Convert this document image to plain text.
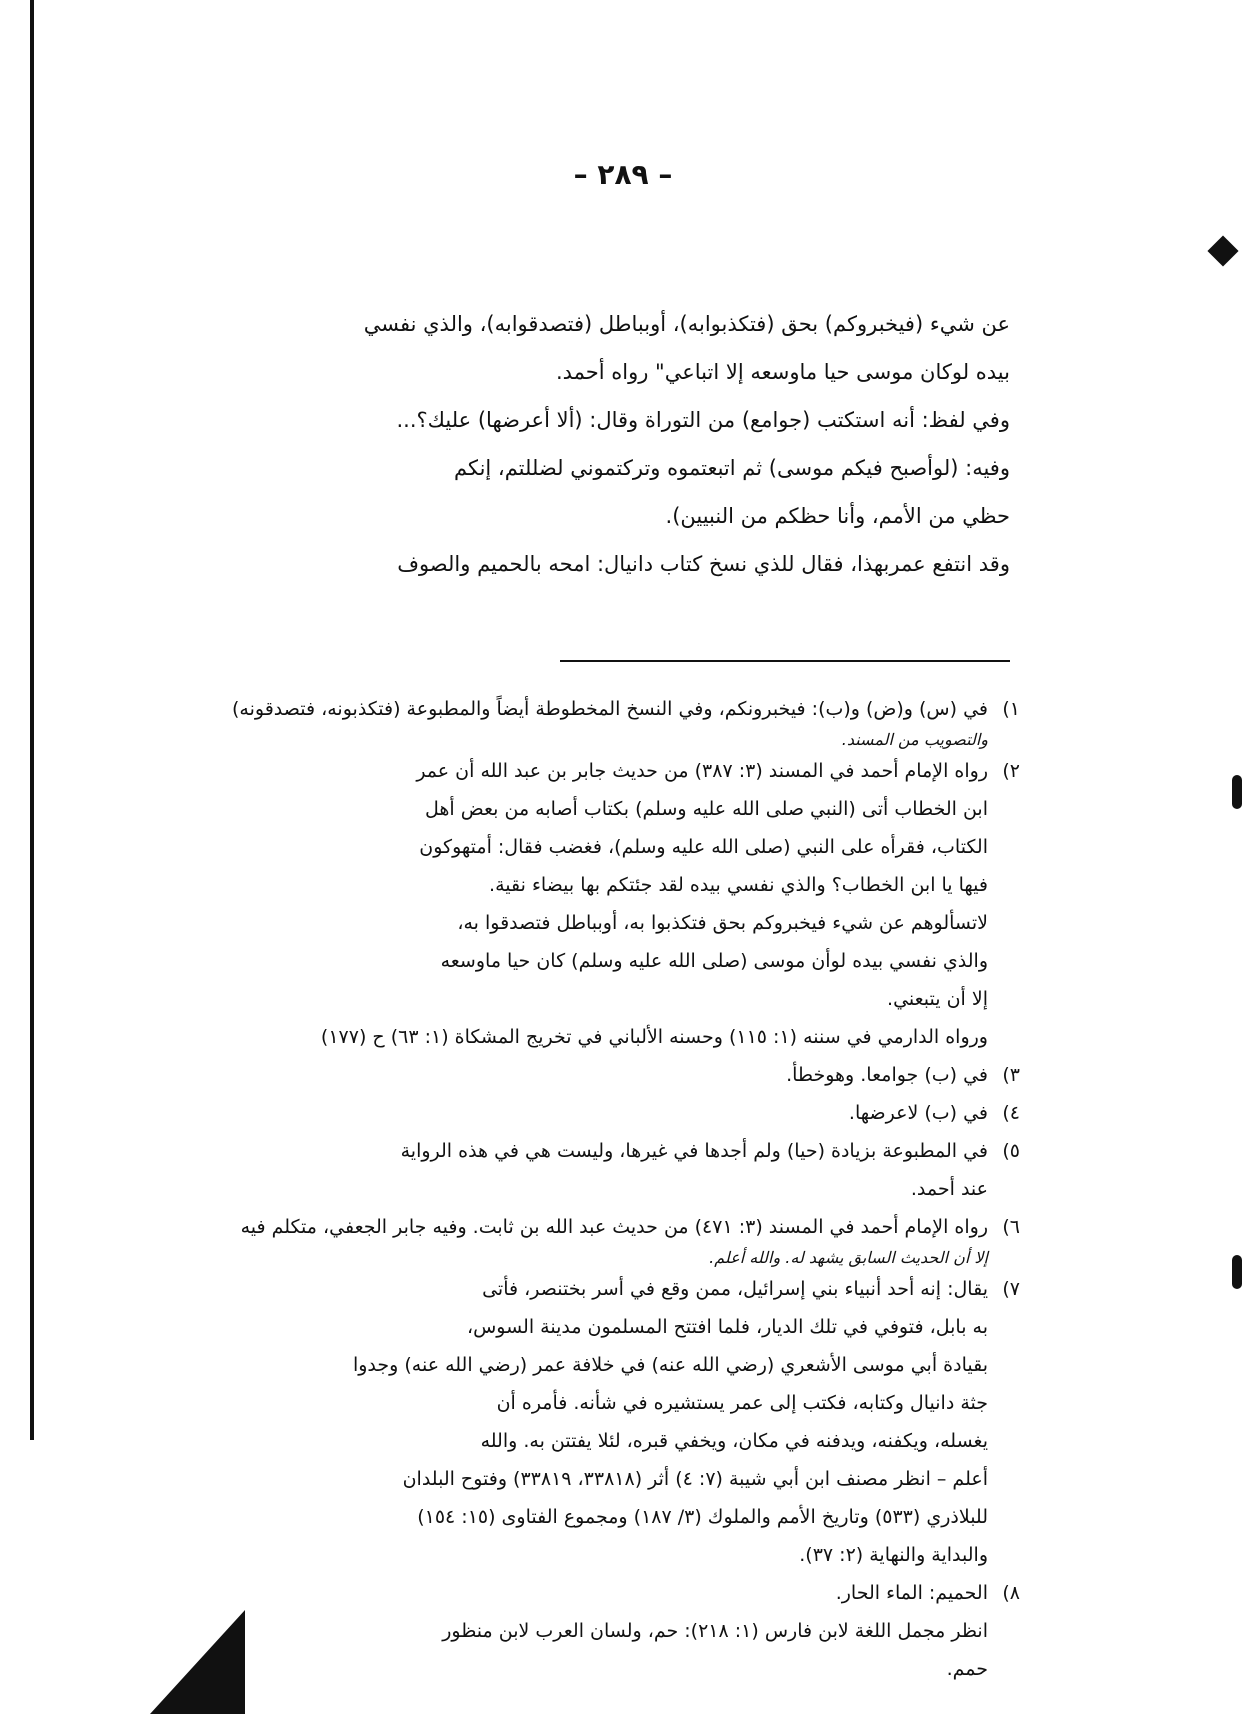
– ٢٨٩ –
عن شيء (فيخبروكم) بحق (فتكذبوابه)، أوبباطل (فتصدقوابه)، والذي نفسي
بيده لوكان موسى حيا ماوسعه إلا اتباعي" رواه أحمد.
وفي لفظ: أنه استكتب (جوامع) من التوراة وقال: (ألا أعرضها) عليك؟...
وفيه: (لوأصبح فيكم موسى) ثم اتبعتموه وتركتموني لضللتم، إنكم
حظي من الأمم، وأنا حظكم من النبيين).
وقد انتفع عمربهذا، فقال للذي نسخ كتاب دانيال: امحه بالحميم والصوف
١)
في (س) و(ض) و(ب): فيخبرونكم، وفي النسخ المخطوطة أيضاً والمطبوعة (فتكذبونه، فتصدقونه)
والتصويب من المسند.
٢)
رواه الإمام أحمد في المسند (٣: ٣٨٧) من حديث جابر بن عبد الله أن عمر
ابن الخطاب أتى (النبي صلى الله عليه وسلم) بكتاب أصابه من بعض أهل
الكتاب، فقرأه على النبي (صلى الله عليه وسلم)، فغضب فقال: أمتهوكون
فيها يا ابن الخطاب؟ والذي نفسي بيده لقد جئتكم بها بيضاء نقية.
لاتسألوهم عن شيء فيخبروكم بحق فتكذبوا به، أوبباطل فتصدقوا به،
والذي نفسي بيده لوأن موسى (صلى الله عليه وسلم) كان حيا ماوسعه
إلا أن يتبعني.
ورواه الدارمي في سننه (١: ١١٥) وحسنه الألباني في تخريج المشكاة (١: ٦٣) ح (١٧٧)
٣)
في (ب) جوامعا. وهوخطأ.
٤)
في (ب) لاعرضها.
٥)
في المطبوعة بزيادة (حيا) ولم أجدها في غيرها، وليست هي في هذه الرواية
عند أحمد.
٦)
رواه الإمام أحمد في المسند (٣: ٤٧١) من حديث عبد الله بن ثابت. وفيه جابر الجعفي، متكلم فيه
إلا أن الحديث السابق يشهد له. والله أعلم.
٧)
يقال: إنه أحد أنبياء بني إسرائيل، ممن وقع في أسر بختنصر، فأتى
به بابل، فتوفي في تلك الديار، فلما افتتح المسلمون مدينة السوس،
بقيادة أبي موسى الأشعري (رضي الله عنه) في خلافة عمر (رضي الله عنه) وجدوا
جثة دانيال وكتابه، فكتب إلى عمر يستشيره في شأنه. فأمره أن
يغسله، ويكفنه، ويدفنه في مكان، ويخفي قبره، لئلا يفتتن به. والله
أعلم – انظر مصنف ابن أبي شيبة (٧: ٤) أثر (٣٣٨١٨، ٣٣٨١٩) وفتوح البلدان
للبلاذري (٥٣٣) وتاريخ الأمم والملوك (٣/ ١٨٧) ومجموع الفتاوى (١٥: ١٥٤)
والبداية والنهاية (٢: ٣٧).
٨)
الحميم: الماء الحار.
انظر مجمل اللغة لابن فارس (١: ٢١٨): حم، ولسان العرب لابن منظور
حمم.
